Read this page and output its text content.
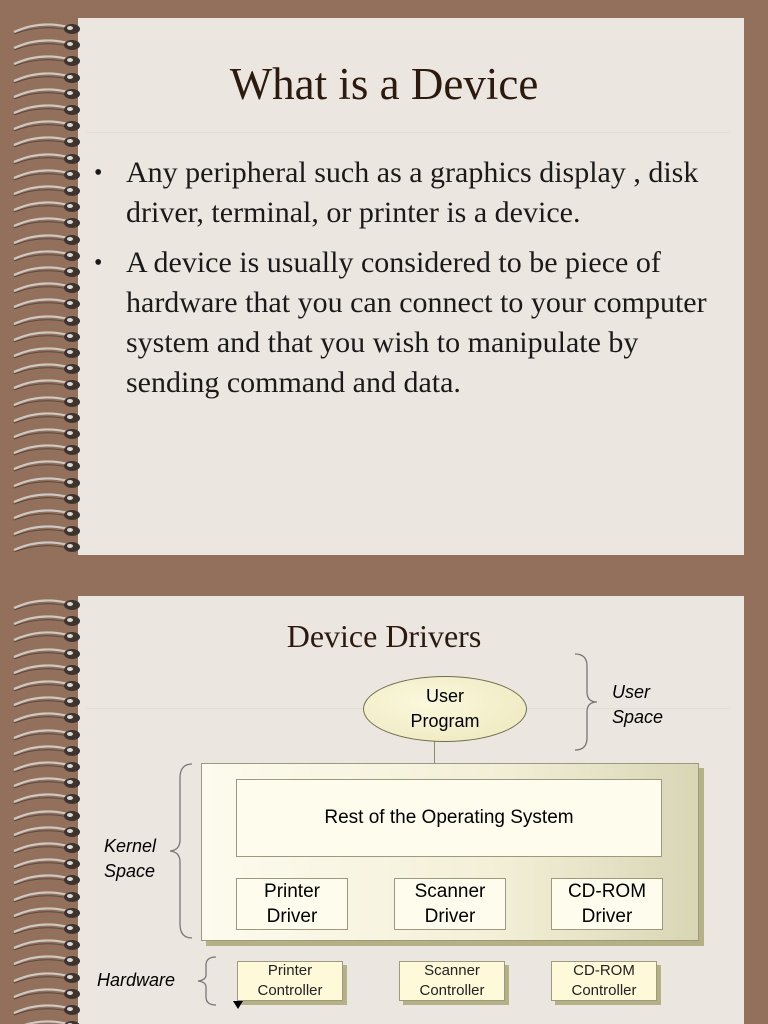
What is a Device
• Any peripheral such as a graphics display , disk driver, terminal, or printer is a device.
• A device is usually considered to be piece of hardware that you can connect to your computer system and that you wish to manipulate by sending command and data.
Device Drivers
User Program
User Space
Rest of the Operating System
Printer Driver
Scanner Driver
CD-ROM Driver
Kernel Space
Hardware	Printer Controller
Scanner Controller
CD-ROM Controller
